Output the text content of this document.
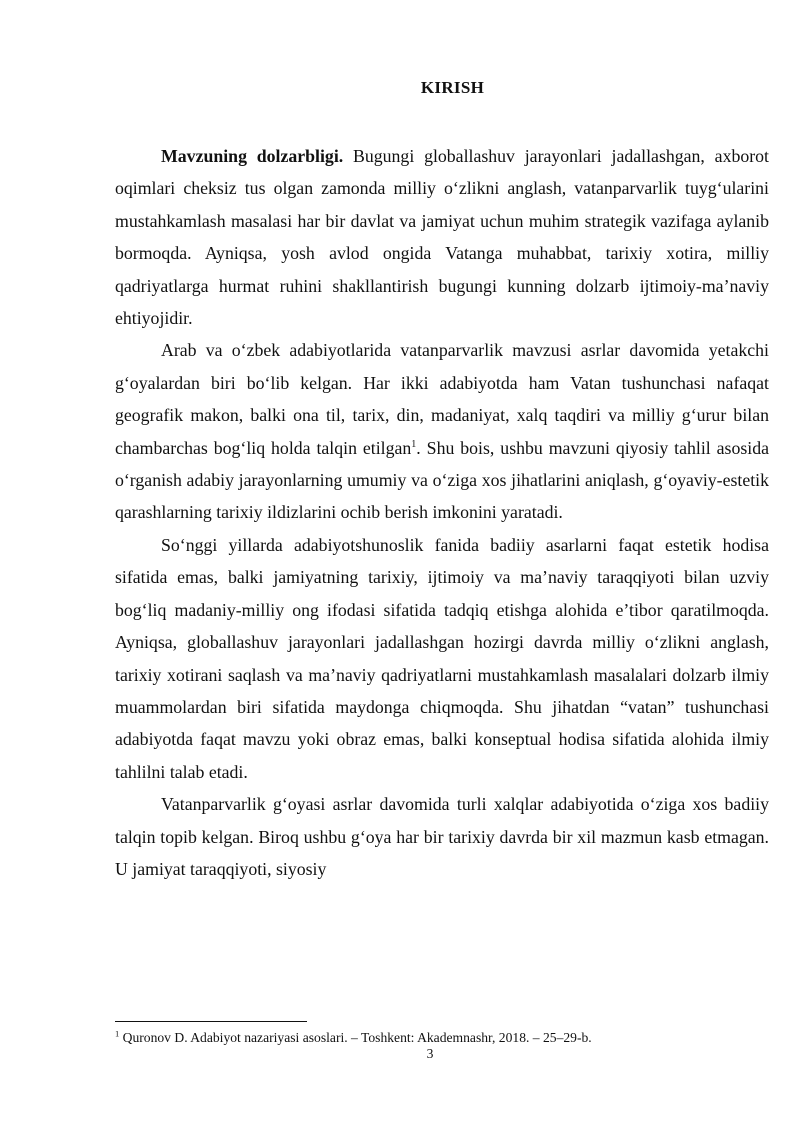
KIRISH

Mavzuning dolzarbligi. Bugungi globallashuv jarayonlari jadallashgan, axborot oqimlari cheksiz tus olgan zamonda milliy o‘zlikni anglash, vatanparvarlik tuyg‘ularini mustahkamlash masalasi har bir davlat va jamiyat uchun muhim strategik vazifaga aylanib bormoqda. Ayniqsa, yosh avlod ongida Vatanga muhabbat, tarixiy xotira, milliy qadriyatlarga hurmat ruhini shakllantirish bugungi kunning dolzarb ijtimoiy-ma’naviy ehtiyojidir.

Arab va o‘zbek adabiyotlarida vatanparvarlik mavzusi asrlar davomida yetakchi g‘oyalardan biri bo‘lib kelgan. Har ikki adabiyotda ham Vatan tushunchasi nafaqat geografik makon, balki ona til, tarix, din, madaniyat, xalq taqdiri va milliy g‘urur bilan chambarchas bog‘liq holda talqin etilgan$^1$. Shu bois, ushbu mavzuni qiyosiy tahlil asosida o‘rganish adabiy jarayonlarning umumiy va o‘ziga xos jihatlarini aniqlash, g‘oyaviy-estetik qarashlarning tarixiy ildizlarini ochib berish imkonini yaratadi.

So‘nggi yillarda adabiyotshunoslik fanida badiiy asarlarni faqat estetik hodisa sifatida emas, balki jamiyatning tarixiy, ijtimoiy va ma’naviy taraqqiyoti bilan uzviy bog‘liq madaniy-milliy ong ifodasi sifatida tadqiq etishga alohida e’tibor qaratilmoqda. Ayniqsa, globallashuv jarayonlari jadallashgan hozirgi davrda milliy o‘zlikni anglash, tarixiy xotirani saqlash va ma’naviy qadriyatlarni mustahkamlash masalalari dolzarb ilmiy muammolardan biri sifatida maydonga chiqmoqda. Shu jihatdan “vatan” tushunchasi adabiyotda faqat mavzu yoki obraz emas, balki konseptual hodisa sifatida alohida ilmiy tahlilni talab etadi.

Vatanparvarlik g‘oyasi asrlar davomida turli xalqlar adabiyotida o‘ziga xos badiiy talqin topib kelgan. Biroq ushbu g‘oya har bir tarixiy davrda bir xil mazmun kasb etmagan. U jamiyat taraqqiyoti, siyosiy

$^1$ Quronov D. Adabiyot nazariyasi asoslari. – Toshkent: Akademnashr, 2018. – 25–29-b.
3
